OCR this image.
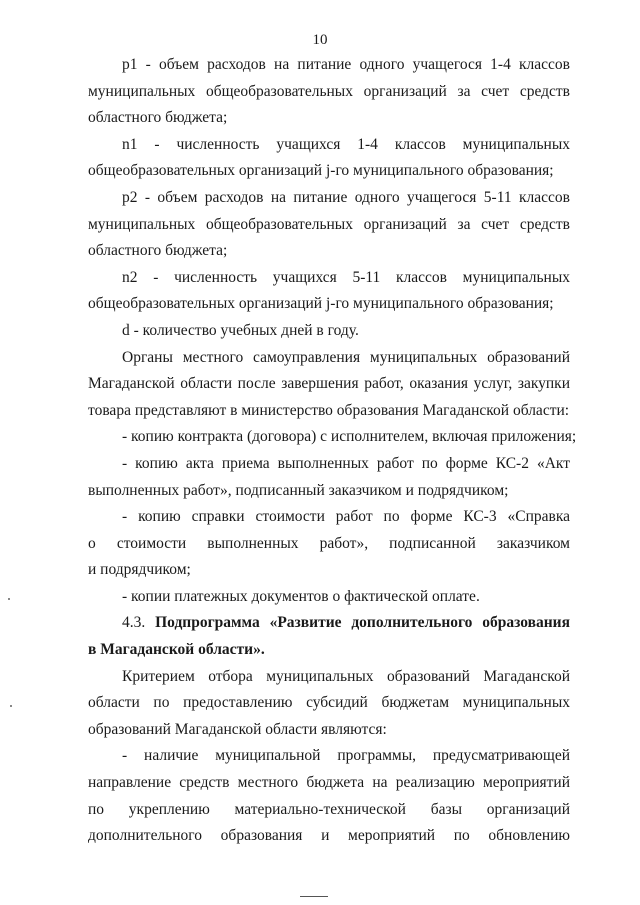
10
p1 - объем расходов на питание одного учащегося 1-4 классов
муниципальных общеобразовательных организаций за счет средств
областного бюджета;
n1 - численность учащихся 1-4 классов муниципальных
общеобразовательных организаций j-го муниципального образования;
p2 - объем расходов на питание одного учащегося 5-11 классов
муниципальных общеобразовательных организаций за счет средств
областного бюджета;
n2 - численность учащихся 5-11 классов муниципальных
общеобразовательных организаций j-го муниципального образования;
d - количество учебных дней в году.
Органы местного самоуправления муниципальных образований
Магаданской области после завершения работ, оказания услуг, закупки
товара представляют в министерство образования Магаданской области:
- копию контракта (договора) с исполнителем, включая приложения;
- копию акта приема выполненных работ по форме КС-2 «Акт
выполненных работ», подписанный заказчиком и подрядчиком;
- копию справки стоимости работ по форме КС-3 «Справка
о стоимости выполненных работ», подписанной заказчиком
и подрядчиком;
- копии платежных документов о фактической оплате.
4.3. Подпрограмма «Развитие дополнительного образования
в Магаданской области».
Критерием отбора муниципальных образований Магаданской
области по предоставлению субсидий бюджетам муниципальных
образований Магаданской области являются:
- наличие муниципальной программы, предусматривающей
направление средств местного бюджета на реализацию мероприятий
по укреплению материально-технической базы организаций
дополнительного образования и мероприятий по обновлению
